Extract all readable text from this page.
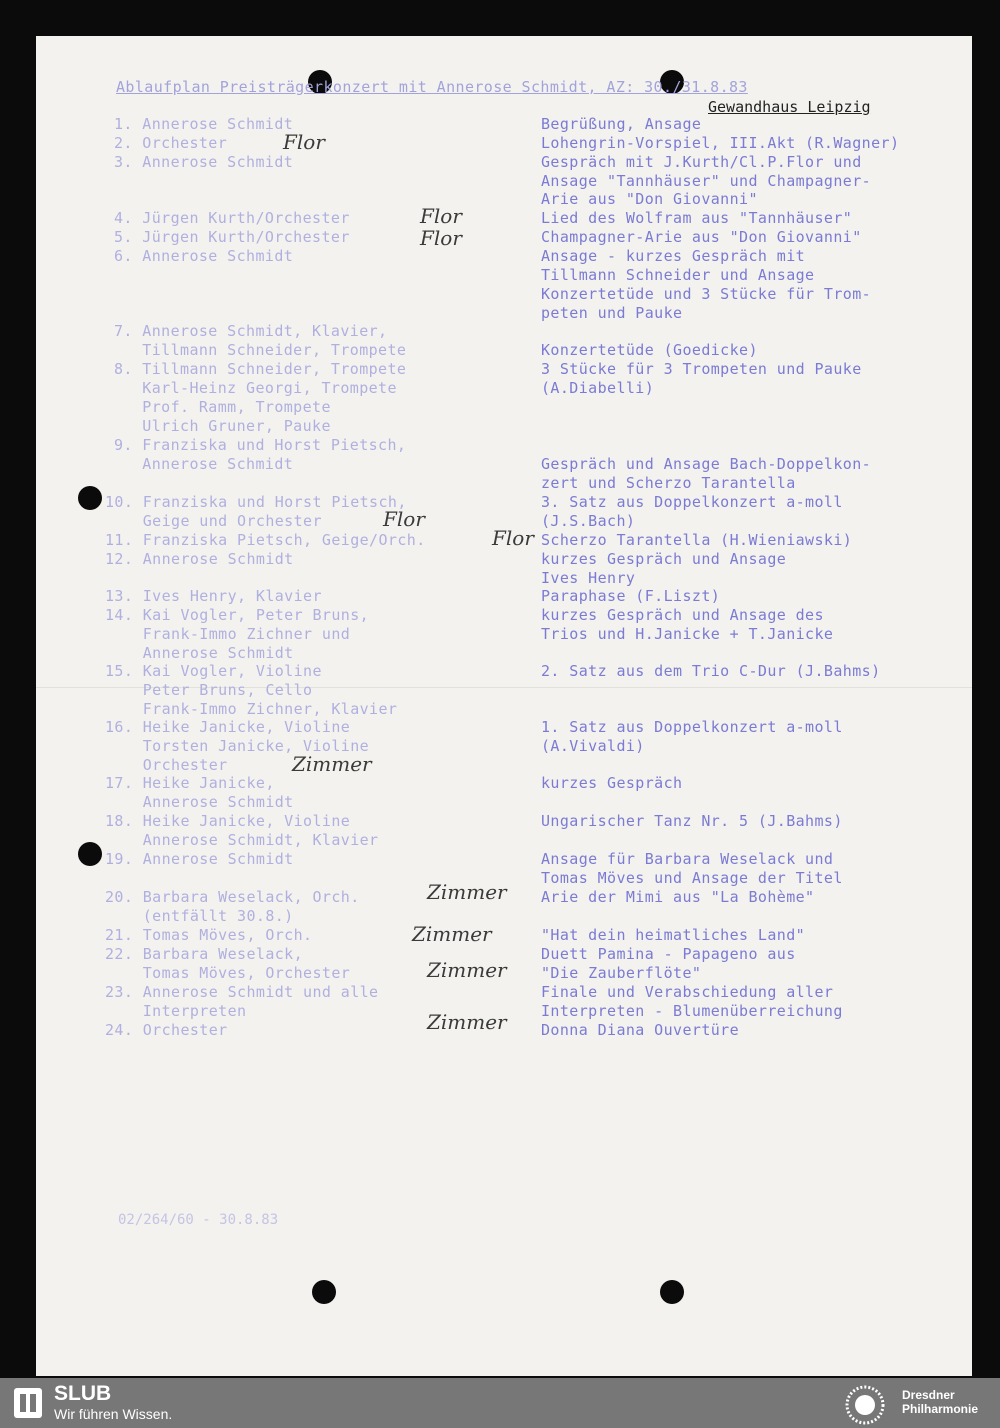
Ablaufplan Preisträgerkonzert mit Annerose Schmidt, AZ: 30./31.8.83
Gewandhaus Leipzig
1. Annerose Schmidt
2. Orchester
3. Annerose Schmidt
4. Jürgen Kurth/Orchester
5. Jürgen Kurth/Orchester
6. Annerose Schmidt
7. Annerose Schmidt, Klavier,
Tillmann Schneider, Trompete
8. Tillmann Schneider, Trompete
Karl-Heinz Georgi, Trompete
Prof. Ramm, Trompete
Ulrich Gruner, Pauke
9. Franziska und Horst Pietsch,
Annerose Schmidt
10. Franziska und Horst Pietsch,
Geige und Orchester
11. Franziska Pietsch, Geige/Orch.
12. Annerose Schmidt
13. Ives Henry, Klavier
14. Kai Vogler, Peter Bruns,
Frank-Immo Zichner und
Annerose Schmidt
15. Kai Vogler, Violine
Peter Bruns, Cello
Frank-Immo Zichner, Klavier
16. Heike Janicke, Violine
Torsten Janicke, Violine
Orchester
17. Heike Janicke,
Annerose Schmidt
18. Heike Janicke, Violine
Annerose Schmidt, Klavier
19. Annerose Schmidt
20. Barbara Weselack, Orch.
(entfällt 30.8.)
21. Tomas Möves, Orch.
22. Barbara Weselack,
Tomas Möves, Orchester
23. Annerose Schmidt und alle
Interpreten
24. Orchester
Begrüßung, Ansage
Lohengrin-Vorspiel, III.Akt (R.Wagner)
Gespräch mit J.Kurth/Cl.P.Flor und
Ansage "Tannhäuser" und Champagner-
Arie aus "Don Giovanni"
Lied des Wolfram aus "Tannhäuser"
Champagner-Arie aus "Don Giovanni"
Ansage - kurzes Gespräch mit
Tillmann Schneider und Ansage
Konzertetüde und 3 Stücke für Trom-
peten und Pauke
Konzertetüde (Goedicke)
3 Stücke für 3 Trompeten und Pauke
(A.Diabelli)
Gespräch und Ansage Bach-Doppelkon-
zert und Scherzo Tarantella
3. Satz aus Doppelkonzert a-moll
(J.S.Bach)
Scherzo Tarantella (H.Wieniawski)
kurzes Gespräch und Ansage
Ives Henry
Paraphase (F.Liszt)
kurzes Gespräch und Ansage des
Trios und H.Janicke + T.Janicke
2. Satz aus dem Trio C-Dur (J.Bahms)
1. Satz aus Doppelkonzert a-moll
(A.Vivaldi)
kurzes Gespräch
Ungarischer Tanz Nr. 5 (J.Bahms)
Ansage für Barbara Weselack und
Tomas Möves und Ansage der Titel
Arie der Mimi aus "La Bohème"
"Hat dein heimatliches Land"
Duett Pamina - Papageno aus
"Die Zauberflöte"
Finale und Verabschiedung aller
Interpreten - Blumenüberreichung
Donna Diana Ouvertüre
Flor
Flor
Flor
Flor
Flor
Zimmer
Zimmer
Zimmer
Zimmer
Zimmer
02/264/60 - 30.8.83
SLUB
Wir führen Wissen.
Dresdner
Philharmonie
